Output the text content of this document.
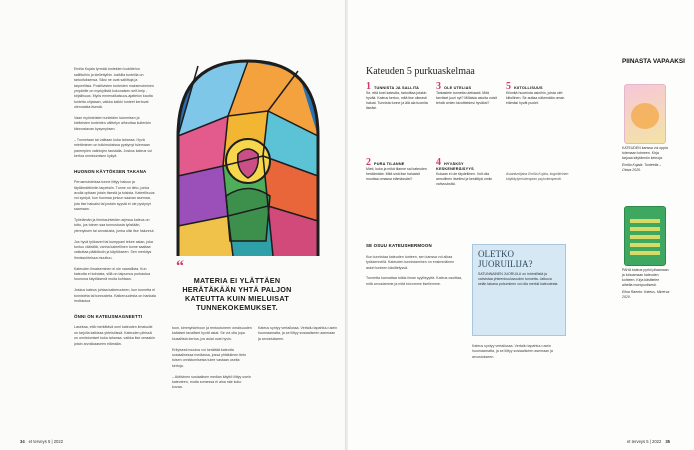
Emilia Kujala tyrmää tunteiden luokittelun sallittuihin ja kiellettyihin -kaikilla tunteilla on tarkoituksensa. Siksi ne ovat sallittuja ja tarpeellisia. Positiivisten tunteiden maksimoiminen ympärille on myrkyllistä kokonaisen self-help -kirjallisuus. Myös ennenaikaisuus-ajattelun kautta tunteita ohjataan, vaikka kaikki tunteet kertovat olennaista itsestä.

Vaan myönteisten tunteiden tukemisen ja kielteisten tunteiden välttelyn aiheuttaa kuitenkin kiinnostavan kysymyksen.

– Tunnetaan tai valitaan kuka tahansa. Hyvä miettiminen on tutkimuksissa pystynyt tulemaan parempien valintojen taustalla. Joskus kateus voi kertoa onnistumisen kykyä

HUONON KÄYTÖKSEN TAKANA

Perusmuisteissa tunne liittyy haluun ja täyttämättömiin tarpeisiin. Tunne on tieto, jonka avulla opitaan jotain itsestä ja toisista. Kateellisuus voi syntyä, kun huomaa jonkun saavan asemaa, jota itse haluaisi tai jostain syystä ei ole pystynyt saamaan.

Työelämän ja ihmissuhteiden arjessa kateus on tuttu, jos toinen saa tunnustusta työstään, ylennyksen tai arvostusta, jonka olisi itse halunnut.

Jos hyvä työkaveri tai kumppani tekee asian, joka tuntuu väärältä, vanha kateellinen tunne saattaa vaikuttaa päätöksiin ja käytökseen. Sen merkitys ihmissuhteissa muuttuu.

Kateuden ilmaiseminen ei ole vaarallista. Kun kateutta ei kohdata, sillä on taipumus purkautua huonona käytöksenä muita kohtaan.

Joskus kateus johtaa katkeruuteen, kun tunnetta ei tunnisteta tai tunnusteta. Katkeruudesta on hankala irrottautua

ÖNNI ON KATEUSMAGNEETTI

Lasekaa, että merkittävä onni kateuden ilmaisulle on tarjolla kaikissa yhteisöissä. Kateuden piirissä on onnistumiset kuka tahansa, vaikka itse omaakin jotain arvokkaaseen elämään.

“
MATERIA EI YLÄTTÄEN HERÄTÄKÄÄN YHTÄ PALJON KATEUTTA KUIN MIELUISAT TUNNEKOKEMUKSET.
toon, kimmynkehoon ja rentoutuneen omaisuuden kaltaiset tavalliset hyvät asiat. Se voi olla jopa kiusallista kertoa, jos asiat ovat hyvin.

Erityisesti muutos voi herättää kateutta sosiaalisessa mediassa, jossa yhtäkkinen tieto toisen onnistumisesta tulee vastaan useita kertoja.

– Aktiivinen sosiaalisen median käyttö liittyy usein kateuteen, mutta somessa ei aina näe koko kuvaa.
Kateus syntyy vertailussa. Vertailu tapahtuu usein huomaamatta, ja se liittyy sosiaaliseen asemaan ja arvostukseen.
34 et terveys 5 | 2022
Kateuden 5 purkuaskelmaa
1 TUNNISTA JA SALLITA
Se, että koet kateutta, tarkoittaa jotakin hyvää. Kateus kertoo, mitä itse oikeasti haluat. Tunnista tunne ja älä ala tuomita itseäsi.
3 OLE UTELIAS
Tarkastele tunnetta uteliaasti. Mitä tarvitset juuri nyt? Millaisia asioita voisit tehdä omien tavoitteidesi hyväksi?
5 KIITOLLISUUS
Kiinnitä huomiota asioihin, joista olet kiitollinen. Se auttaa näkemään oman elämäsi hyvät puolet.
2 PURA TILANNE
Mieti, kuka ja mikä tilanne sai kateuden heräämään. Mitä sinä itse haluaisit muuttaa omassa elämässäsi?
4 HYVÄKSY KESKENERÄISYYS
Kukaan ei ole täydellinen. Voit olla armollinen itsellesi ja keskittyä omiin vahvuuksiisi.
Asiantuntijana Emilia Kujala, kognitiivinen käyttäytymisterapian psykoterapeutti.

SE OSUU KATEUSHERMOON

Kun tunnistaa kateuden tunteen, sen kanssa voi alkaa työskennellä. Kateuden tunnistaminen on ensimmäinen askel tunteen käsittelyssä.

Tunnetta kannattaa tutkia ilman syyllisyyttä. Kateus osoittaa, mitä arvostamme ja mitä toivomme itsellemme.

OLETKO JUORUILIJA?
SATUNNAINEN JUORUILU on inhimillistä ja vahvistaa yhteenkuuluvuuden tunnetta. Jatkuva selän takana puhuminen voi olla merkki kateudesta.
Kateus syntyy vertailussa. Vertailu tapahtuu usein huomaamatta, ja se liittyy sosiaaliseen asemaan ja arvostukseen.
PIINASTA VAPAAKSI
KATEUDEN kanssa voi oppia tulemaan toimeen. Kirja tarjoaa käytännön keinoja.
Emilia Kujala: Tunteella – Otava 2020.
PAHA kateus pyrkii pilaamaan ja tuhoamaan kateuden kohteen. Kirja käsittelee aihetta monipuolisesti.
Elina Raento: Kateus. Minerva 2020.
et terveys 5 | 2022 35
